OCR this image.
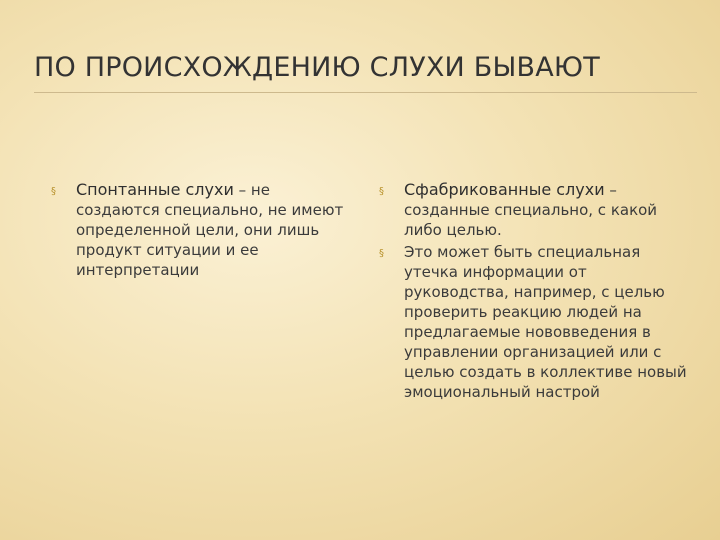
ПО ПРОИСХОЖДЕНИЮ СЛУХИ БЫВАЮТ
§ Спонтанные слухи – не создаются специально, не имеют определенной цели, они лишь продукт ситуации и ее интерпретации
§ Сфабрикованные слухи – созданные специально, с какой либо целью.
§ Это может быть специальная утечка информации от руководства, например, с целью проверить реакцию людей на предлагаемые нововведения в управлении организацией или с целью создать в коллективе новый эмоциональный настрой
